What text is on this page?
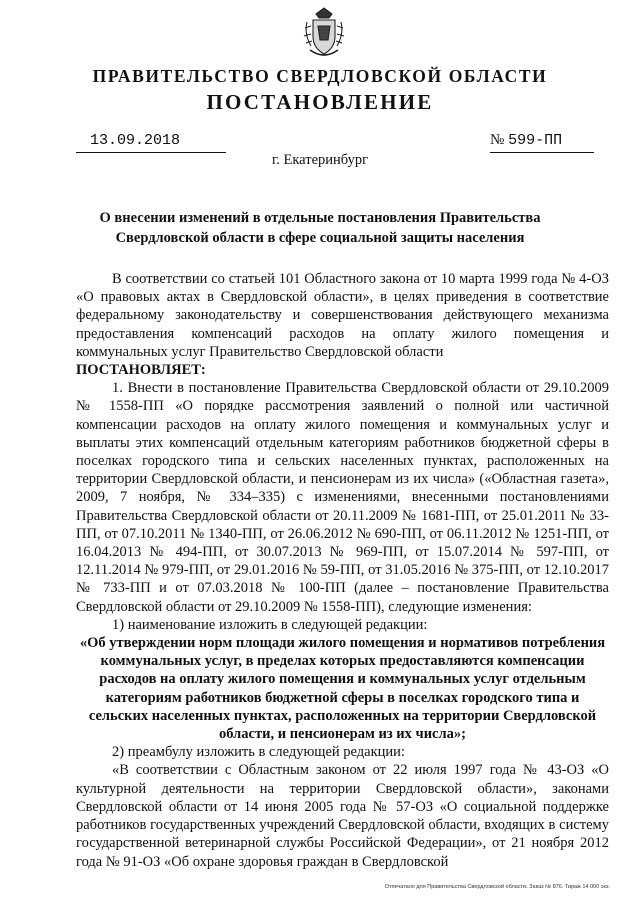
ПРАВИТЕЛЬСТВО СВЕРДЛОВСКОЙ ОБЛАСТИ
ПОСТАНОВЛЕНИЕ
13.09.2018	№ 599-ПП
г. Екатеринбург
О внесении изменений в отдельные постановления Правительства
Свердловской области в сфере социальной защиты населения

В соответствии со статьей 101 Областного закона от 10 марта 1999 года № 4-ОЗ «О правовых актах в Свердловской области», в целях приведения в соответствие федеральному законодательству и совершенствования действующего механизма предоставления компенсаций расходов на оплату жилого помещения и коммунальных услуг Правительство Свердловской области

ПОСТАНОВЛЯЕТ:

1. Внести в постановление Правительства Свердловской области от 29.10.2009 № 1558-ПП «О порядке рассмотрения заявлений о полной или частичной компенсации расходов на оплату жилого помещения и коммунальных услуг и выплаты этих компенсаций отдельным категориям работников бюджетной сферы в поселках городского типа и сельских населенных пунктах, расположенных на территории Свердловской области, и пенсионерам из их числа» («Областная газета», 2009, 7 ноября, № 334–335) с изменениями, внесенными постановлениями Правительства Свердловской области от 20.11.2009 № 1681-ПП, от 25.01.2011 № 33-ПП, от 07.10.2011 № 1340-ПП, от 26.06.2012 № 690-ПП, от 06.11.2012 № 1251-ПП, от 16.04.2013 № 494-ПП, от 30.07.2013 № 969-ПП, от 15.07.2014 № 597-ПП, от 12.11.2014 № 979-ПП, от 29.01.2016 № 59-ПП, от 31.05.2016 № 375-ПП, от 12.10.2017 № 733-ПП и от 07.03.2018 № 100-ПП (далее – постановление Правительства Свердловской области от 29.10.2009 № 1558-ПП), следующие изменения:

1) наименование изложить в следующей редакции:

«Об утверждении норм площади жилого помещения и нормативов потребления коммунальных услуг, в пределах которых предоставляются компенсации расходов на оплату жилого помещения и коммунальных услуг отдельным категориям работников бюджетной сферы в поселках городского типа и сельских населенных пунктах, расположенных на территории Свердловской области, и пенсионерам из их числа»;

2) преамбулу изложить в следующей редакции:

«В соответствии с Областным законом от 22 июля 1997 года № 43-ОЗ «О культурной деятельности на территории Свердловской области», законами Свердловской области от 14 июня 2005 года № 57-ОЗ «О социальной поддержке работников государственных учреждений Свердловской области, входящих в систему государственной ветеринарной службы Российской Федерации», от 21 ноября 2012 года № 91-ОЗ «Об охране здоровья граждан в Свердловской

Отпечатано для Правительства Свердловской области. Заказ № 876. Тираж 14 000 экз.
